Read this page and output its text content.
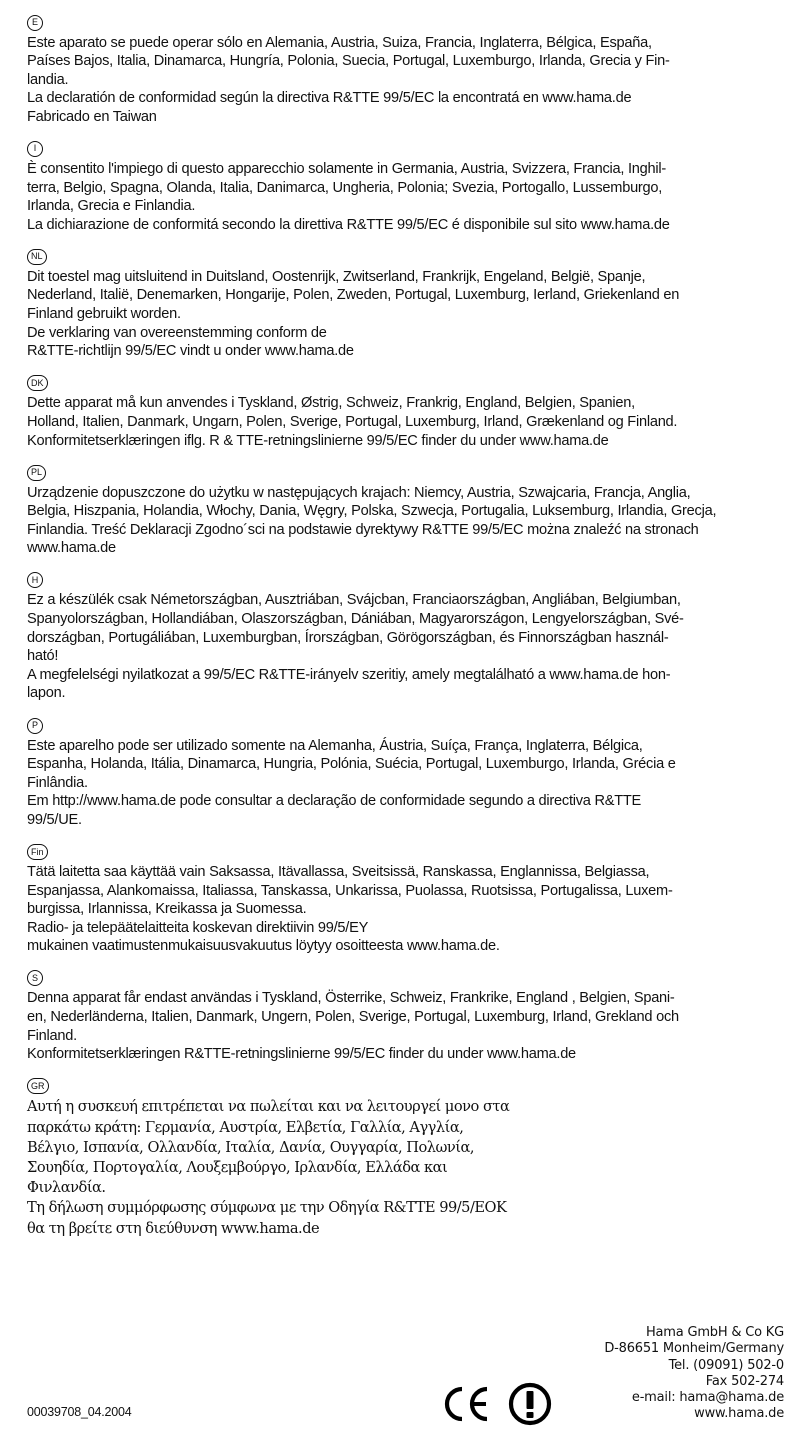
E
Este aparato se puede operar sólo en Alemania, Austria, Suiza, Francia, Inglaterra, Bélgica, España,
Países Bajos, Italia, Dinamarca, Hungría, Polonia, Suecia, Portugal, Luxemburgo, Irlanda, Grecia y Fin-
landia.
La declaratión de conformidad según la directiva R&TTE 99/5/EC la encontratá en www.hama.de
Fabricado en Taiwan
I
È consentito l'impiego di questo apparecchio solamente in Germania, Austria, Svizzera, Francia, Inghil-
terra, Belgio, Spagna, Olanda, Italia, Danimarca, Ungheria, Polonia; Svezia, Portogallo, Lussemburgo,
Irlanda, Grecia e Finlandia.
La dichiarazione de conformitá secondo la direttiva R&TTE 99/5/EC é disponibile sul sito www.hama.de
NL
Dit toestel mag uitsluitend in Duitsland, Oostenrijk, Zwitserland, Frankrijk, Engeland, België, Spanje,
Nederland, Italië, Denemarken, Hongarije, Polen, Zweden, Portugal, Luxemburg, Ierland, Griekenland en
Finland gebruikt worden.
De verklaring van overeenstemming conform de
R&TTE-richtlijn 99/5/EC vindt u onder www.hama.de
DK
Dette apparat må kun anvendes i Tyskland, Østrig, Schweiz, Frankrig, England, Belgien, Spanien,
Holland, Italien, Danmark, Ungarn, Polen, Sverige, Portugal, Luxemburg, Irland, Grækenland og Finland.
Konformitetserklæringen iflg. R & TTE-retningslinierne 99/5/EC finder du under www.hama.de
PL
Urządzenie dopuszczone do użytku w następujących krajach: Niemcy, Austria, Szwajcaria, Francja, Anglia,
Belgia, Hiszpania, Holandia, Włochy, Dania, Węgry, Polska, Szwecja, Portugalia, Luksemburg, Irlandia, Grecja,
Finlandia. Treść Deklaracji Zgodno´sci na podstawie dyrektywy R&TTE 99/5/EC można znaleźć na stronach
www.hama.de
H
Ez a készülék csak Németországban, Ausztriában, Svájcban, Franciaországban, Angliában, Belgiumban,
Spanyolországban, Hollandiában, Olaszországban, Dániában, Magyarországon, Lengyelországban, Své-
dországban, Portugáliában, Luxemburgban, Írországban, Görögországban, és Finnországban használ-
ható!
A megfelelségi nyilatkozat a 99/5/EC R&TTE-irányelv szeritiy, amely megtalálható a www.hama.de hon-
lapon.
P
Este aparelho pode ser utilizado somente na Alemanha, Áustria, Suíça, França, Inglaterra, Bélgica,
Espanha, Holanda, Itália, Dinamarca, Hungria, Polónia, Suécia, Portugal, Luxemburgo, Irlanda, Grécia e
Finlândia.
Em http://www.hama.de pode consultar a declaração de conformidade segundo a directiva R&TTE
99/5/UE.
Fin
Tätä laitetta saa käyttää vain Saksassa, Itävallassa, Sveitsissä, Ranskassa, Englannissa, Belgiassa,
Espanjassa, Alankomaissa, Italiassa, Tanskassa, Unkarissa, Puolassa, Ruotsissa, Portugalissa, Luxem-
burgissa, Irlannissa, Kreikassa ja Suomessa.
Radio- ja telepäätelaitteita koskevan direktiivin 99/5/EY
mukainen vaatimustenmukaisuusvakuutus löytyy osoitteesta www.hama.de.
S
Denna apparat får endast användas i Tyskland, Österrike, Schweiz, Frankrike, England , Belgien, Spani-
en, Nederländerna, Italien, Danmark, Ungern, Polen, Sverige, Portugal, Luxemburg, Irland, Grekland och
Finland.
Konformitetserklæringen R&TTE-retningslinierne 99/5/EC finder du under www.hama.de
GR
Αυτή η συσκευή επιτρέπεται να πωλείται και να λειτουργεί μονο στα
παρκάτω κράτη: Γερμανία, Αυστρία, Ελβετία, Γαλλία, Αγγλία,
Βέλγιο, Ισπανία, Ολλανδία, Ιταλία, Δανία, Ουγγαρία, Πολωνία,
Σουηδία, Πορτογαλία, Λουξεμβούργο, Ιρλανδία, Ελλάδα και
Φινλανδία.
Τη δήλωση συμμόρφωσης σύμφωνα με την Οδηγία R&TTE 99/5/ΕΟΚ
θα τη βρείτε στη διεύθυνση www.hama.de
00039708_04.2004
Hama GmbH & Co KG
D-86651 Monheim/Germany
Tel. (09091) 502-0
Fax 502-274
e-mail: hama@hama.de
www.hama.de
